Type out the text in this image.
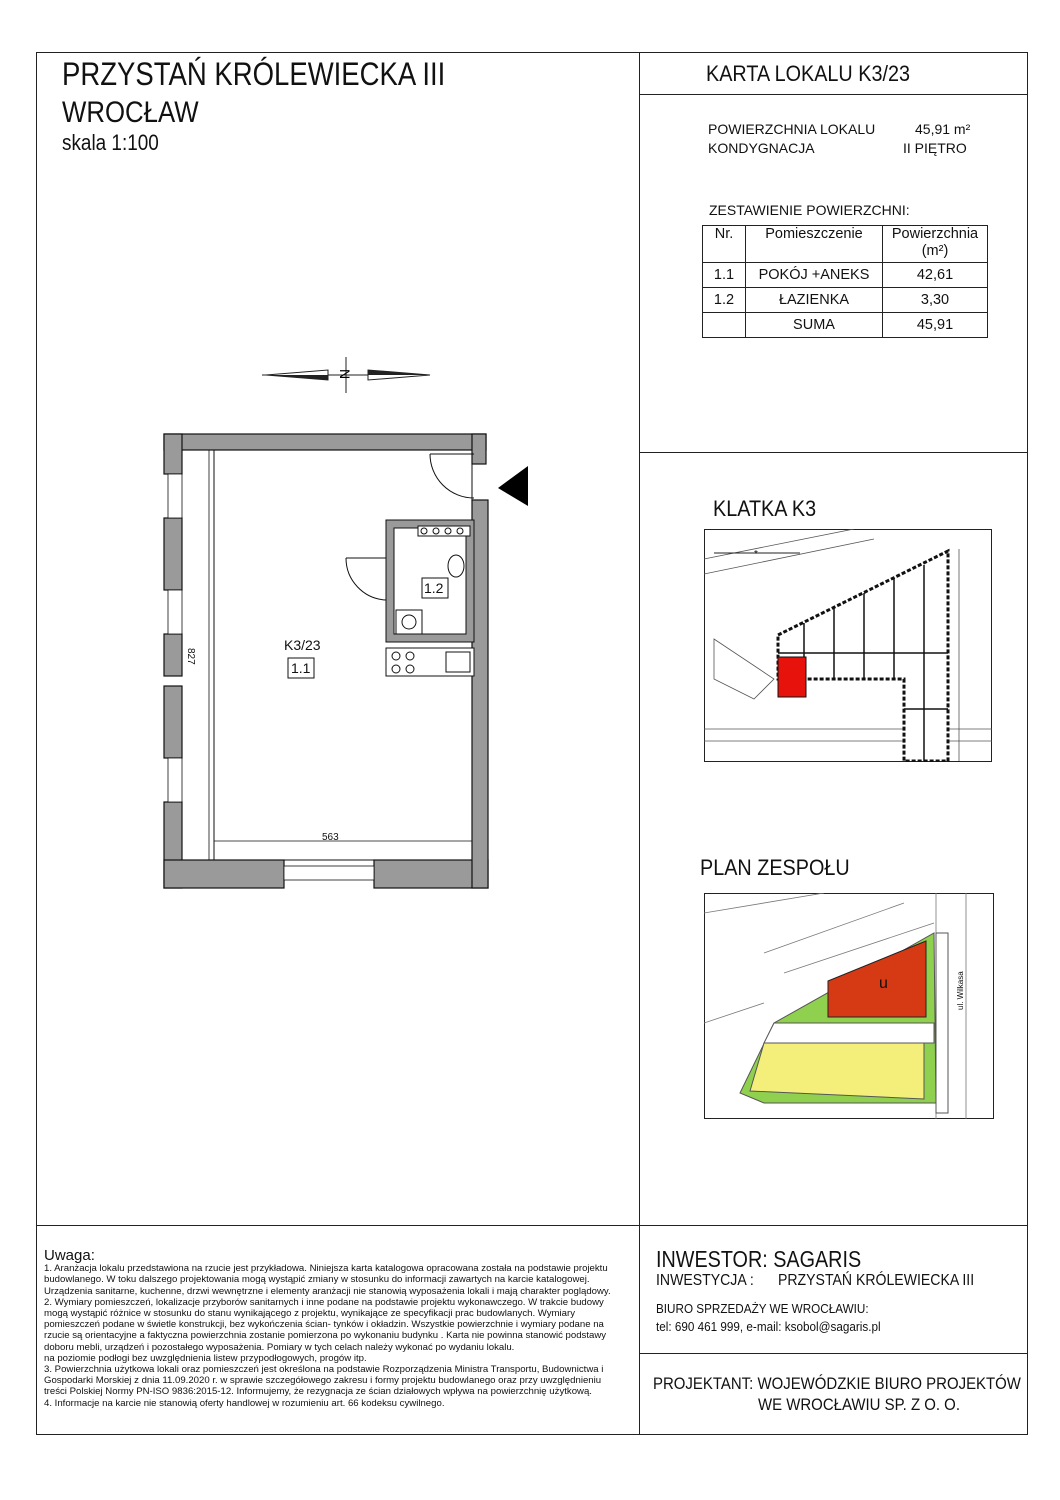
PRZYSTAŃ KRÓLEWIECKA III
WROCŁAW
skala 1:100
KARTA LOKALU K3/23
POWIERZCHNIA LOKALU	45,91 m²
KONDYGNACJA	II PIĘTRO
ZESTAWIENIE POWIERZCHNI:
Nr.	Pomieszczenie	Powierzchnia
(m²)

1.1	POKÓJ +ANEKS	42,61
1.2	ŁAZIENKA	3,30
	SUMA	45,91
N
K3/23
1.1
1.2
827
563
KLATKA K3
*
PLAN ZESPOŁU
u	ul. Wilkasa
Uwaga:
1. Aranżacja lokalu przedstawiona na rzucie jest przykładowa. Niniejsza karta katalogowa opracowana została na podstawie projektu
budowlanego. W toku dalszego projektowania mogą wystąpić zmiany w stosunku do informacji zawartych na karcie katalogowej.
Urządzenia sanitarne, kuchenne, drzwi wewnętrzne i elementy aranżacji nie stanowią wyposażenia lokali i mają charakter poglądowy.
2. Wymiary pomieszczeń, lokalizacje przyborów sanitarnych i inne podane na podstawie projektu wykonawczego. W trakcie budowy
mogą wystąpić różnice w stosunku do stanu wynikającego z projektu, wynikające ze specyfikacji prac budowlanych. Wymiary
pomieszczeń podane w świetle konstrukcji, bez wykończenia ścian- tynków i okładzin. Wszystkie powierzchnie i wymiary podane na
rzucie są orientacyjne a faktyczna powierzchnia zostanie pomierzona po wykonaniu budynku . Karta nie powinna stanowić podstawy
doboru mebli, urządzeń i pozostałego wyposażenia. Pomiary w tych celach należy wykonać po wydaniu lokalu.
na poziomie podłogi bez uwzględnienia listew przypodłogowych, progów itp.
3. Powierzchnia użytkowa lokali oraz pomieszczeń jest określona na podstawie Rozporządzenia Ministra Transportu, Budownictwa i
Gospodarki Morskiej z dnia 11.09.2020 r. w sprawie szczegółowego zakresu i formy projektu budowlanego oraz przy uwzględnieniu
treści Polskiej Normy PN-ISO 9836:2015-12. Informujemy, że rezygnacja ze ścian działowych wpływa na powierzchnię użytkową.
4. Informacje na karcie nie stanowią oferty handlowej w rozumieniu art. 66 kodeksu cywilnego.
INWESTOR: SAGARIS
INWESTYCJA :	PRZYSTAŃ KRÓLEWIECKA III
BIURO SPRZEDAŻY WE WROCŁAWIU:
tel: 690 461 999, e-mail: ksobol@sagaris.pl
PROJEKTANT: WOJEWÓDZKIE BIURO PROJEKTÓW
WE WROCŁAWIU SP. Z O. O.
